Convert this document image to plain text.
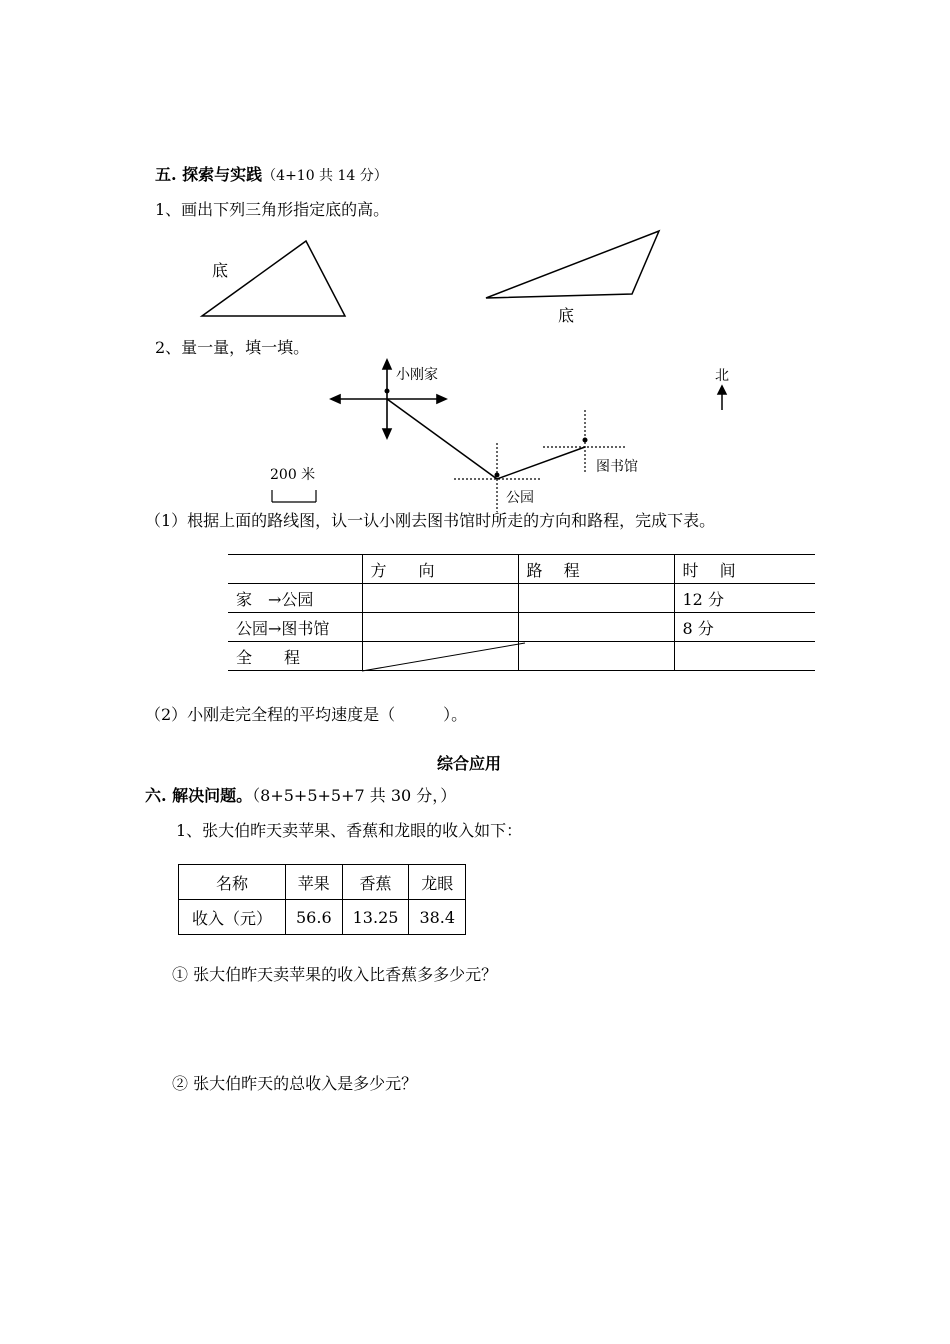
五. 探索与实践（4+10 共 14 分）
1、画出下列三角形指定底的高。
底
底
2、量一量，填一填。
小刚家	北
图书馆
公园
200 米
（1）根据上面的路线图，认一认小刚去图书馆时所走的方向和路程，完成下表。
	方　　向	路　 程	时　 间
家　→公园			12 分
公园→图书馆			8 分
全　　程			
（2）小刚走完全程的平均速度是（　　　）。
综合应用
六. 解决问题。（8+5+5+5+7 共 30 分，）
1、张大伯昨天卖苹果、香蕉和龙眼的收入如下：
名称	苹果	香蕉	龙眼
收入（元）	56.6	13.25	38.4
① 张大伯昨天卖苹果的收入比香蕉多多少元？
② 张大伯昨天的总收入是多少元？
